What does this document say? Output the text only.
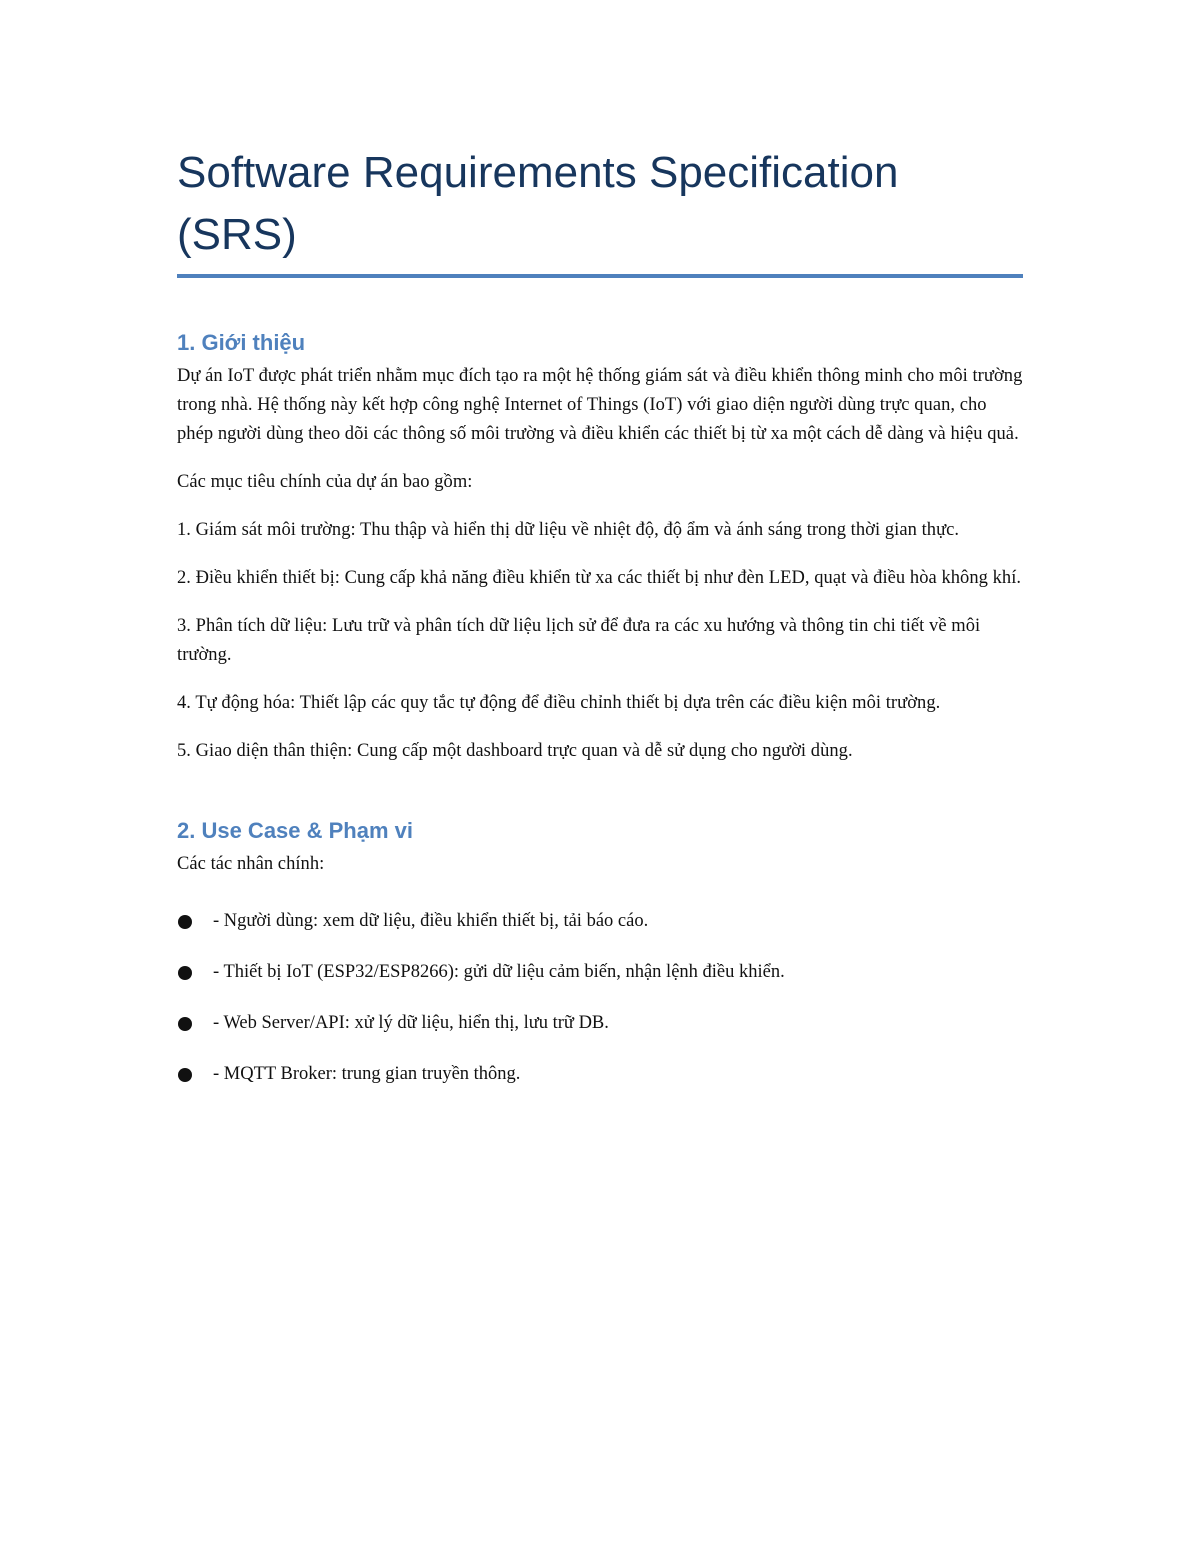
Software Requirements Specification
(SRS)
1. Giới thiệu

Dự án IoT được phát triển nhằm mục đích tạo ra một hệ thống giám sát và điều khiển thông minh cho môi trường trong nhà. Hệ thống này kết hợp công nghệ Internet of Things (IoT) với giao diện người dùng trực quan, cho phép người dùng theo dõi các thông số môi trường và điều khiển các thiết bị từ xa một cách dễ dàng và hiệu quả.

Các mục tiêu chính của dự án bao gồm:

1. Giám sát môi trường: Thu thập và hiển thị dữ liệu về nhiệt độ, độ ẩm và ánh sáng trong thời gian thực.

2. Điều khiển thiết bị: Cung cấp khả năng điều khiển từ xa các thiết bị như đèn LED, quạt và điều hòa không khí.

3. Phân tích dữ liệu: Lưu trữ và phân tích dữ liệu lịch sử để đưa ra các xu hướng và thông tin chi tiết về môi trường.

4. Tự động hóa: Thiết lập các quy tắc tự động để điều chỉnh thiết bị dựa trên các điều kiện môi trường.

5. Giao diện thân thiện: Cung cấp một dashboard trực quan và dễ sử dụng cho người dùng.

2. Use Case & Phạm vi

Các tác nhân chính:

- Người dùng: xem dữ liệu, điều khiển thiết bị, tải báo cáo.
- Thiết bị IoT (ESP32/ESP8266): gửi dữ liệu cảm biến, nhận lệnh điều khiển.
- Web Server/API: xử lý dữ liệu, hiển thị, lưu trữ DB.
- MQTT Broker: trung gian truyền thông.
